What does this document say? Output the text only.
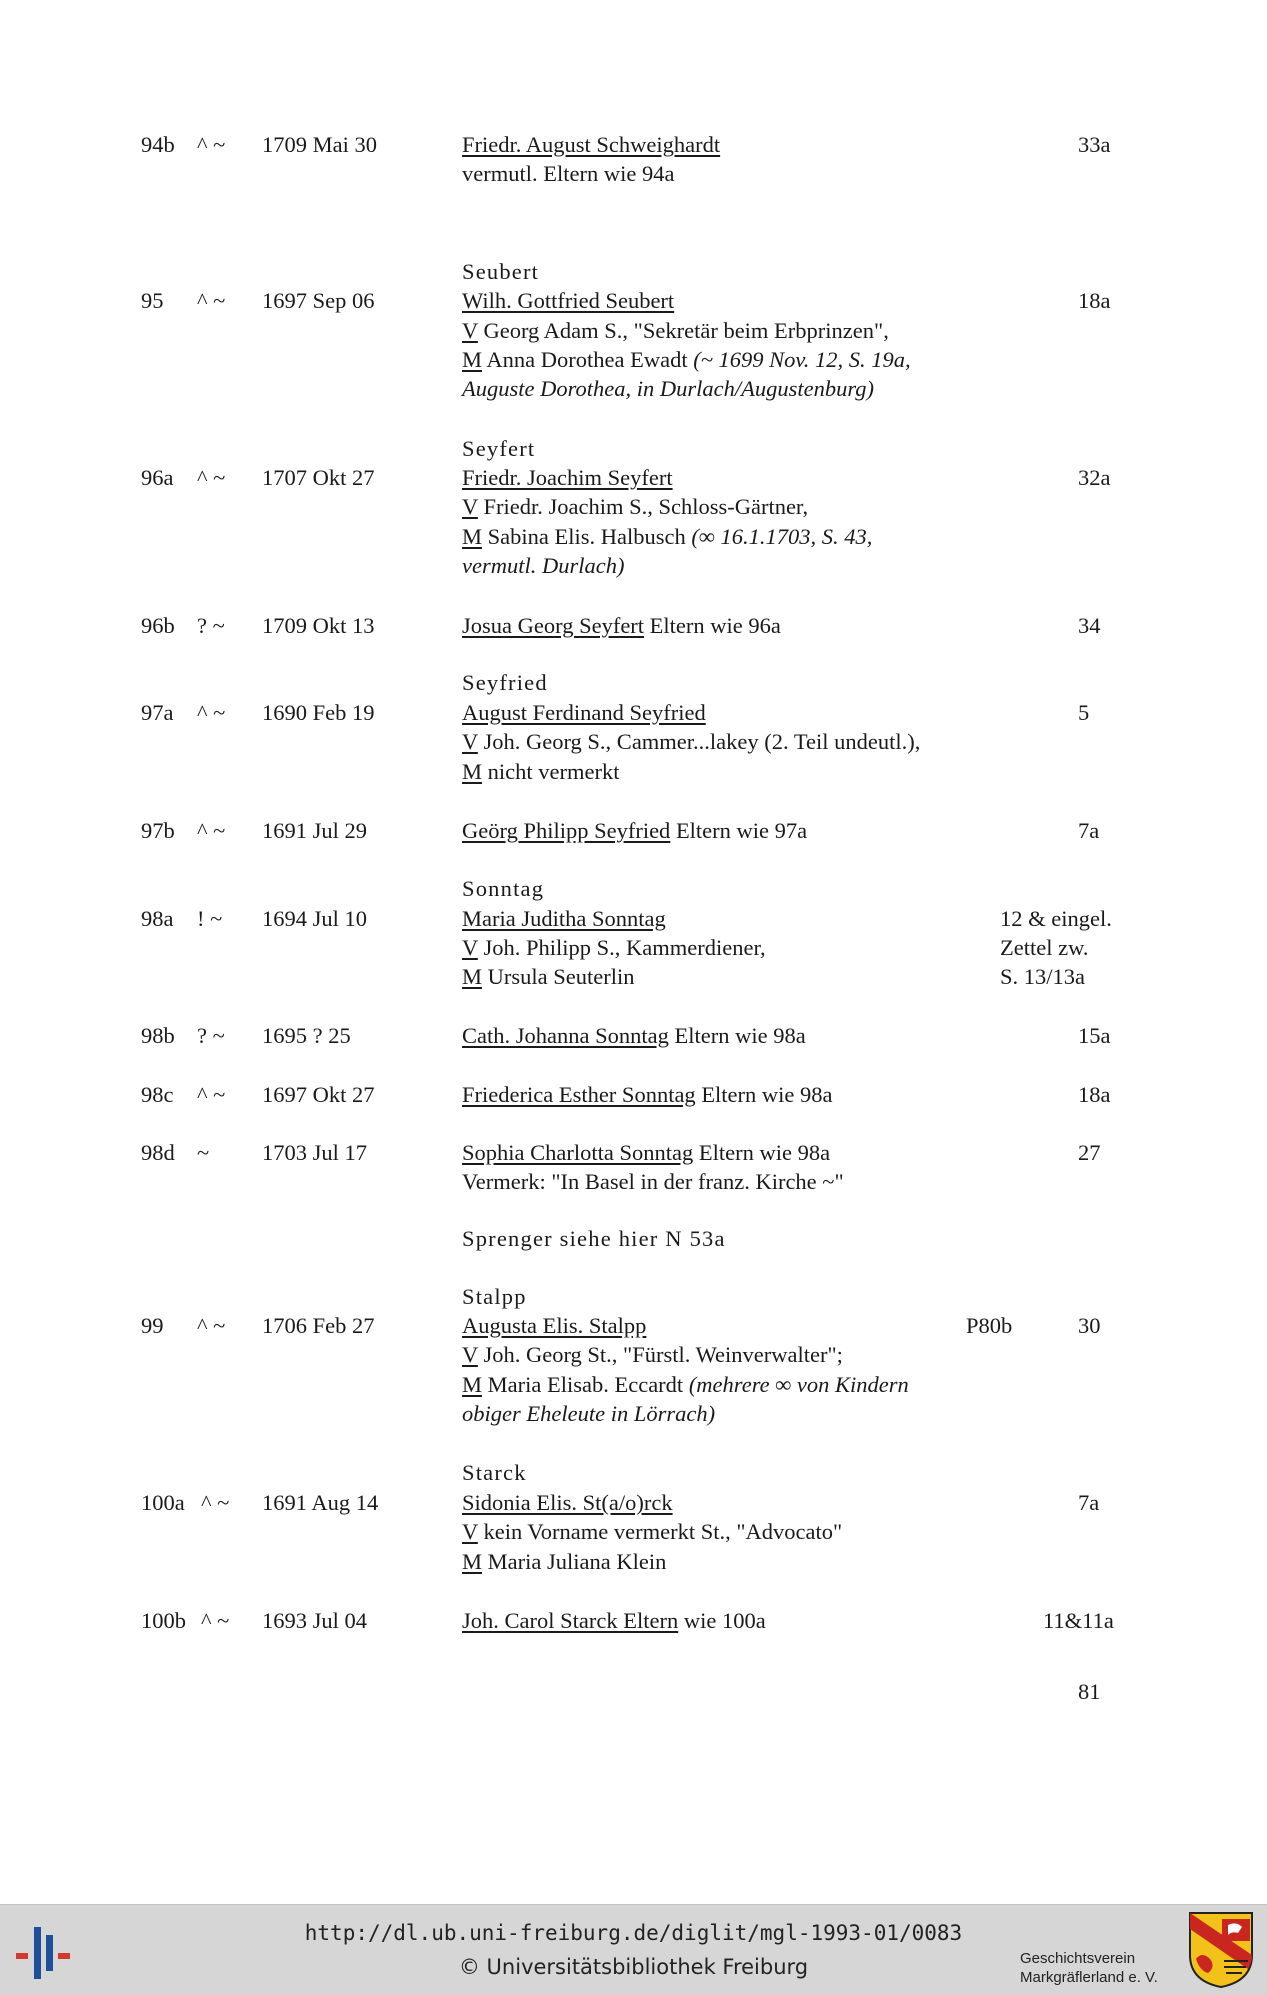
94b ^ ~ 1709 Mai 30	Friedr. August Schweighardt	33a
vermutl. Eltern wie 94a
Seubert
95 ^ ~ 1697 Sep 06	Wilh. Gottfried Seubert	18a
V Georg Adam S., "Sekretär beim Erbprinzen",
M Anna Dorothea Ewadt (~ 1699 Nov. 12, S. 19a,
Auguste Dorothea, in Durlach/Augustenburg)
Seyfert
96a ^ ~ 1707 Okt 27	Friedr. Joachim Seyfert	32a
V Friedr. Joachim S., Schloss-Gärtner,
M Sabina Elis. Halbusch (∞ 16.1.1703, S. 43,
vermutl. Durlach)
96b ? ~ 1709 Okt 13	Josua Georg Seyfert Eltern wie 96a	34
Seyfried
97a ^ ~ 1690 Feb 19	August Ferdinand Seyfried	5
V Joh. Georg S., Cammer...lakey (2. Teil undeutl.),
M nicht vermerkt
97b ^ ~ 1691 Jul 29	Geörg Philipp Seyfried Eltern wie 97a	7a
Sonntag
98a ! ~ 1694 Jul 10	Maria Juditha Sonntag	12 & eingel.
V Joh. Philipp S., Kammerdiener,	Zettel zw.
M Ursula Seuterlin	S. 13/13a
98b ? ~ 1695 ? 25	Cath. Johanna Sonntag Eltern wie 98a	15a
98c ^ ~ 1697 Okt 27	Friederica Esther Sonntag Eltern wie 98a	18a
98d ~ 1703 Jul 17	Sophia Charlotta Sonntag Eltern wie 98a	27
Vermerk: "In Basel in der franz. Kirche ~"
Sprenger siehe hier N 53a
Stalpp
99 ^ ~ 1706 Feb 27	Augusta Elis. Stalpp	P80b	30
V Joh. Georg St., "Fürstl. Weinverwalter";
M Maria Elisab. Eccardt (mehrere ∞ von Kindern
obiger Eheleute in Lörrach)
Starck
100a ^ ~ 1691 Aug 14	Sidonia Elis. St(a/o)rck	7a
V kein Vorname vermerkt St., "Advocato"
M Maria Juliana Klein
100b ^ ~ 1693 Jul 04	Joh. Carol Starck Eltern wie 100a	11&11a
81
http://dl.ub.uni-freiburg.de/diglit/mgl-1993-01/0083
© Universitätsbibliothek Freiburg	Geschichtsverein
Markgräflerland e. V.
